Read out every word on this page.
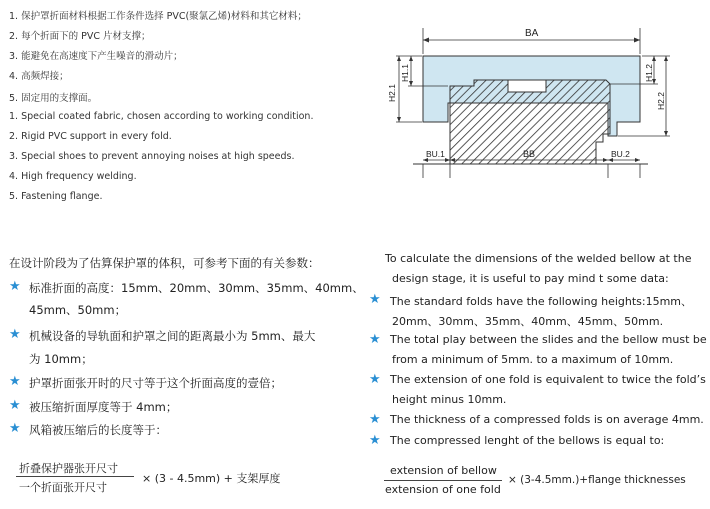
1. 保护罩折面材料根据工作条件选择 PVC(聚氯乙烯)材料和其它材料；
2. 每个折面下的 PVC 片材支撑；
3. 能避免在高速度下产生噪音的滑动片；
4. 高频焊接；
5. 固定用的支撑面。
1. Special coated fabric, chosen according to working condition.
2. Rigid PVC support in every fold.
3. Special shoes to prevent annoying noises at high speeds.
4. High frequency welding.
5. Fastening flange.
BA
BU.1	BB	BU.2
H2.1
H1.1	H1.2
H2.2
在设计阶段为了估算保护罩的体积，可参考下面的有关参数：
★ 标准折面的高度：15mm、20mm、30mm、35mm、40mm、
45mm、50mm；
★ 机械设备的导轨面和护罩之间的距离最小为 5mm、最大
为 10mm；
★ 护罩折面张开时的尺寸等于这个折面高度的壹倍；
★ 被压缩折面厚度等于 4mm；
★ 风箱被压缩后的长度等于：
折叠保护器张开尺寸
一个折面张开尺寸
× (3 - 4.5mm) + 支架厚度
To calculate the dimensions of the welded bellow at the
design stage, it is useful to pay mind t some data:
★ The standard folds have the following heights:15mm、
20mm、30mm、35mm、40mm、45mm、50mm.
★ The total play between the slides and the bellow must be
from a minimum of 5mm. to a maximum of 10mm.
★ The extension of one fold is equivalent to twice the fold’s
height minus 10mm.
★ The thickness of a compressed folds is on average 4mm.
★ The compressed lenght of the bellows is equal to:
extension of bellow
extension of one fold
× (3-4.5mm.)+flange thicknesses
